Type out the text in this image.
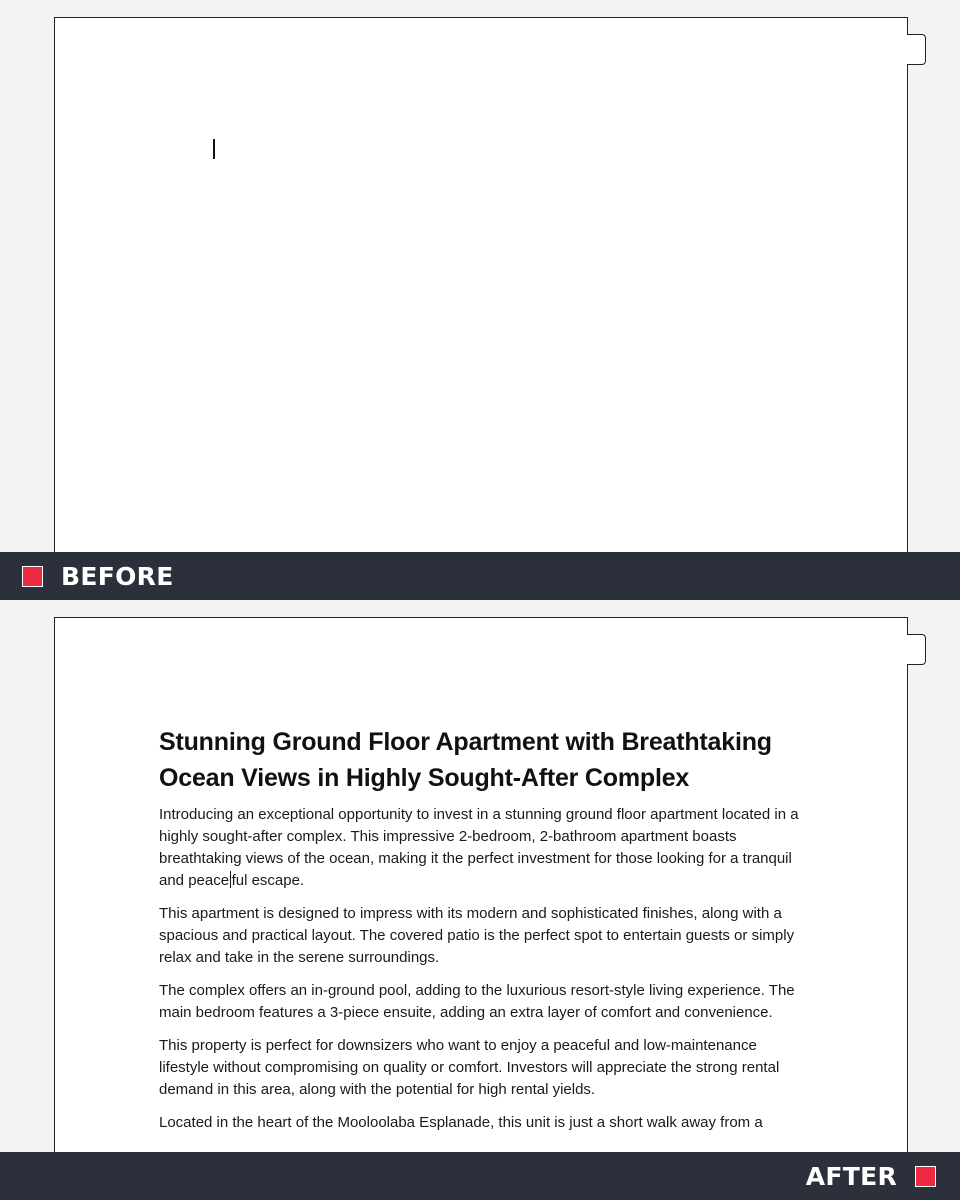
BEFORE
Stunning Ground Floor Apartment with Breathtaking Ocean Views in Highly Sought-After Complex

Introducing an exceptional opportunity to invest in a stunning ground floor apartment located in a highly sought-after complex. This impressive 2-bedroom, 2-bathroom apartment boasts breathtaking views of the ocean, making it the perfect investment for those looking for a tranquil and peace ful escape.

This apartment is designed to impress with its modern and sophisticated finishes, along with a spacious and practical layout. The covered patio is the perfect spot to entertain guests or simply relax and take in the serene surroundings.

The complex offers an in-ground pool, adding to the luxurious resort-style living experience. The main bedroom features a 3-piece ensuite, adding an extra layer of comfort and convenience.

This property is perfect for downsizers who want to enjoy a peaceful and low-maintenance lifestyle without compromising on quality or comfort. Investors will appreciate the strong rental demand in this area, along with the potential for high rental yields.

Located in the heart of the Mooloolaba Esplanade, this unit is just a short walk away from a

AFTER
